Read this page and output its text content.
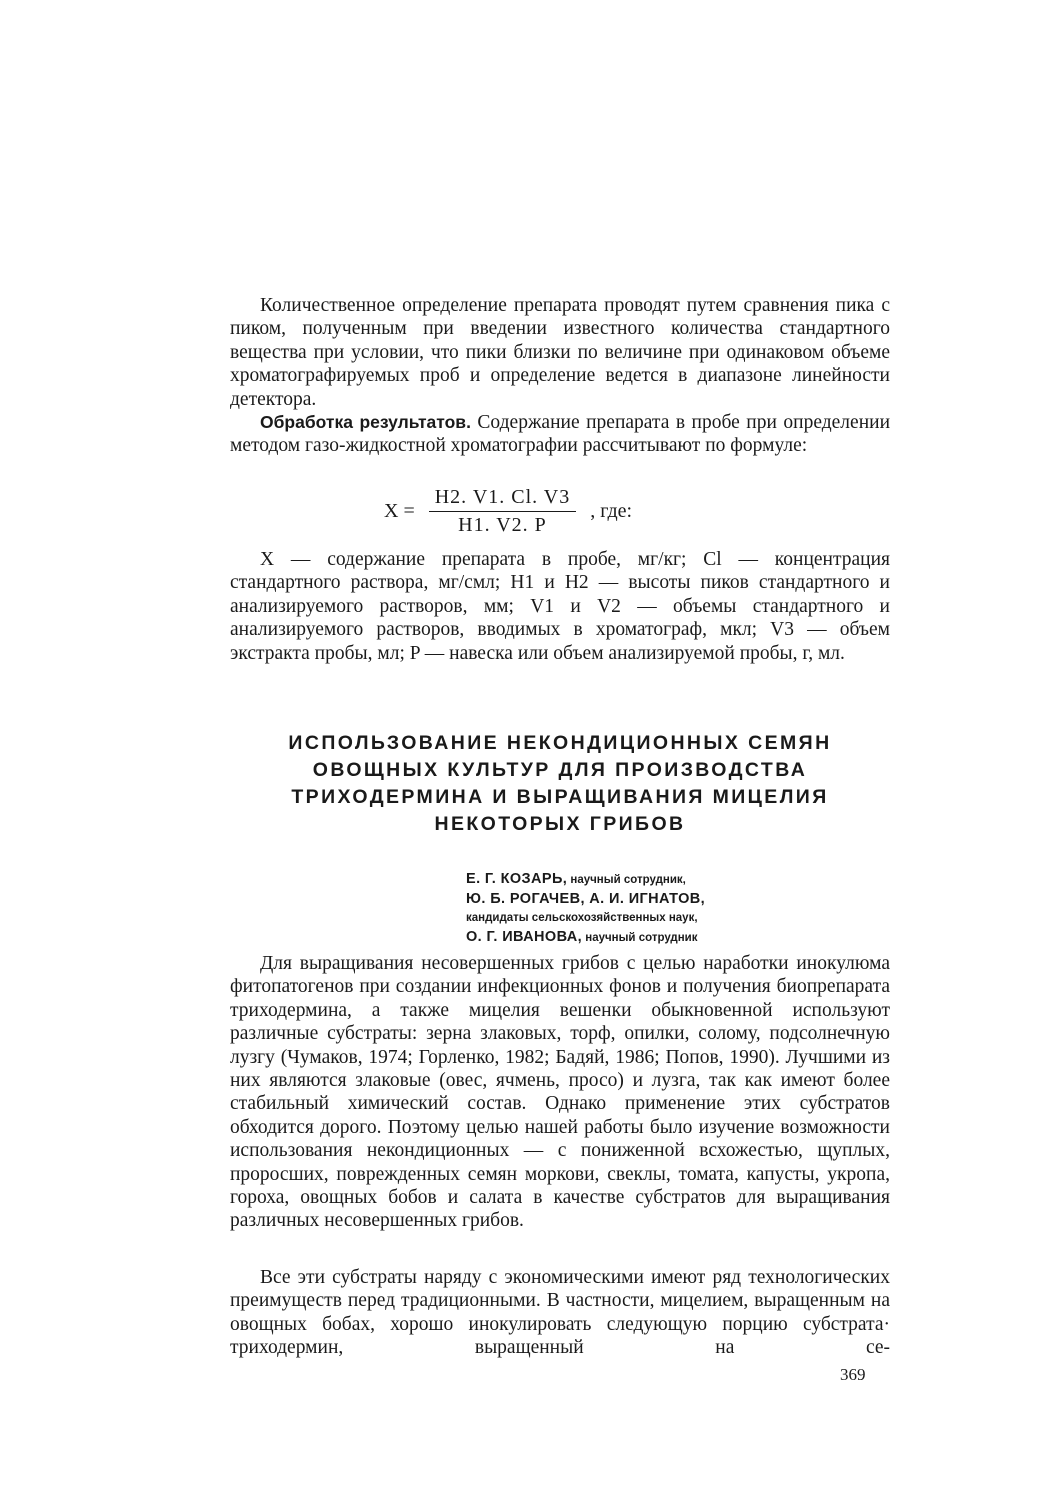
Количественное определение препарата проводят путем сравнения пика с пиком, полученным при введении известного количества стандартного вещества при условии, что пики близки по величине при одинаковом объеме хроматографируемых проб и определение ведется в диапазоне линейности детектора.

Обработка результатов. Содержание препарата в пробе при определении методом газо-жидкостной хроматографии рассчитывают по формуле:

$X = \frac{H2. V1. Cl. V3}{H1. V2. P}$ , где:

X — содержание препарата в пробе, мг/кг; Cl — концентрация стандартного раствора, мг/смл; H1 и H2 — высоты пиков стандартного и анализируемого растворов, мм; V1 и V2 — объемы стандартного и анализируемого растворов, вводимых в хроматограф, мкл; V3 — объем экстракта пробы, мл; P — навеска или объем анализируемой пробы, г, мл.

ИСПОЛЬЗОВАНИЕ НЕКОНДИЦИОННЫХ СЕМЯН
ОВОЩНЫХ КУЛЬТУР ДЛЯ ПРОИЗВОДСТВА
ТРИХОДЕРМИНА И ВЫРАЩИВАНИЯ МИЦЕЛИЯ
НЕКОТОРЫХ ГРИБОВ
Е. Г. КОЗАРЬ, научный сотрудник,
Ю. Б. РОГАЧЕВ, А. И. ИГНАТОВ,
кандидаты сельскохозяйственных наук,
О. Г. ИВАНОВА, научный сотрудник

Для выращивания несовершенных грибов с целью наработки инокулюма фитопатогенов при создании инфекционных фонов и получения биопрепарата триходермина, а также мицелия вешенки обыкновенной используют различные субстраты: зерна злаковых, торф, опилки, солому, подсолнечную лузгу (Чумаков, 1974; Горленко, 1982; Бадяй, 1986; Попов, 1990). Лучшими из них являются злаковые (овес, ячмень, просо) и лузга, так как имеют более стабильный химический состав. Однако применение этих субстратов обходится дорого. Поэтому целью нашей работы было изучение возможности использования некондиционных — с пониженной всхожестью, щуплых, проросших, поврежденных семян моркови, свеклы, томата, капусты, укропа, гороха, овощных бобов и салата в качестве субстратов для выращивания различных несовершенных грибов.

Все эти субстраты наряду с экономическими имеют ряд технологических преимуществ перед традиционными. В частности, мицелием, выращенным на овощных бобах, хорошо инокулировать следующую порцию субстрата· триходермин, выращенный на се-

369
